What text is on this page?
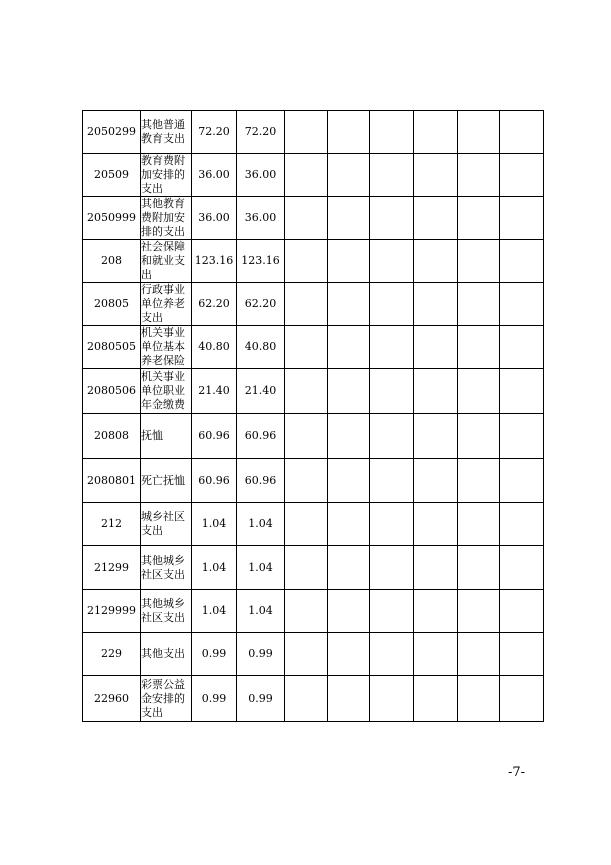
2050299	其他普通教育支出	72.20	72.20						
20509	教育费附加安排的支出	36.00	36.00						
2050999	其他教育费附加安排的支出	36.00	36.00						
208	社会保障和就业支出	123.16	123.16						
20805	行政事业单位养老支出	62.20	62.20						
2080505	机关事业单位基本养老保险	40.80	40.80						
2080506	机关事业单位职业年金缴费	21.40	21.40						
20808	抚恤	60.96	60.96						
2080801	死亡抚恤	60.96	60.96						
212	城乡社区支出	1.04	1.04						
21299	其他城乡社区支出	1.04	1.04						
2129999	其他城乡社区支出	1.04	1.04						
229	其他支出	0.99	0.99						
22960	彩票公益金安排的支出	0.99	0.99						
-7-
